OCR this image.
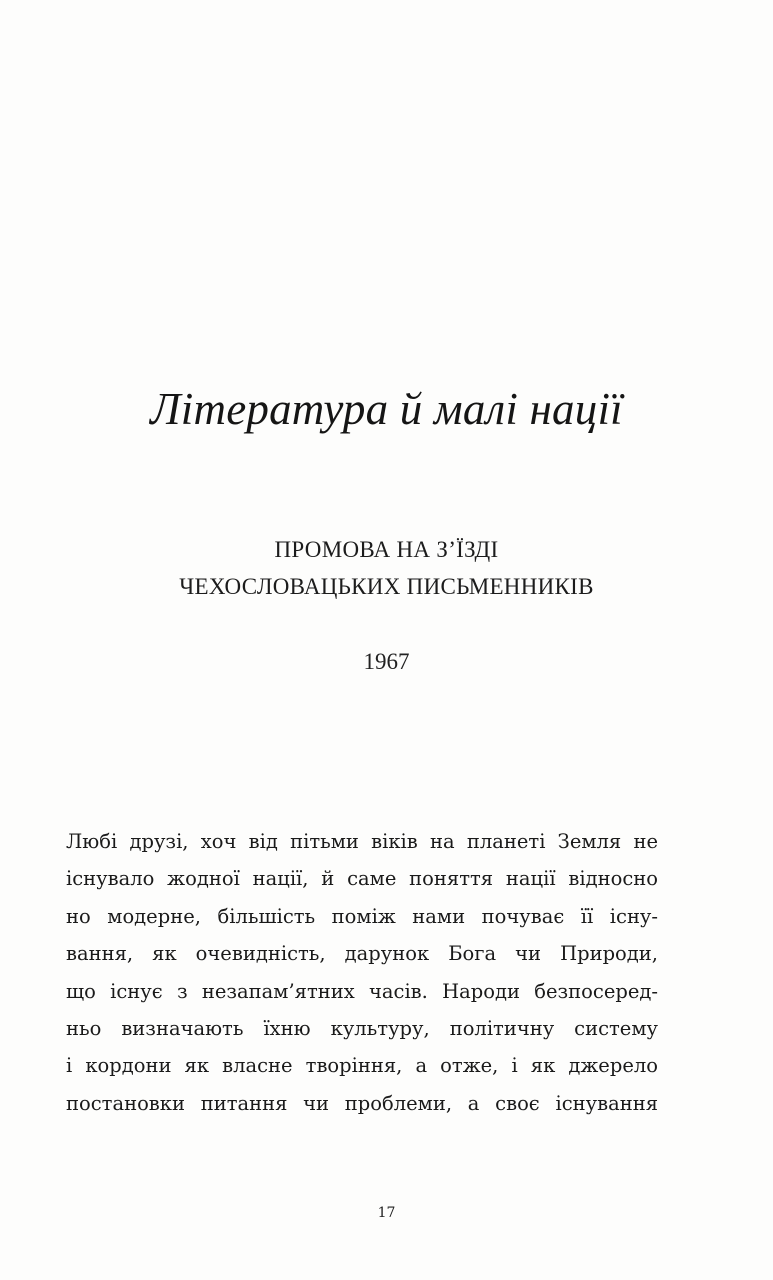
Література й малі нації
ПРОМОВА НА З’ЇЗДІ
ЧЕХОСЛОВАЦЬКИХ ПИСЬМЕННИКІВ
1967
Любі друзі, хоч від пітьми віків на планеті Земля не
існувало жодної нації, й саме поняття нації відносно
но модерне, більшість поміж нами почуває її існу-
вання, як очевидність, дарунок Бога чи Природи,
що існує з незапам’ятних часів. Народи безпосеред-
ньо визначають їхню культуру, політичну систему
і кордони як власне творіння, а отже, і як джерело
постановки питання чи проблеми, а своє існування
17
